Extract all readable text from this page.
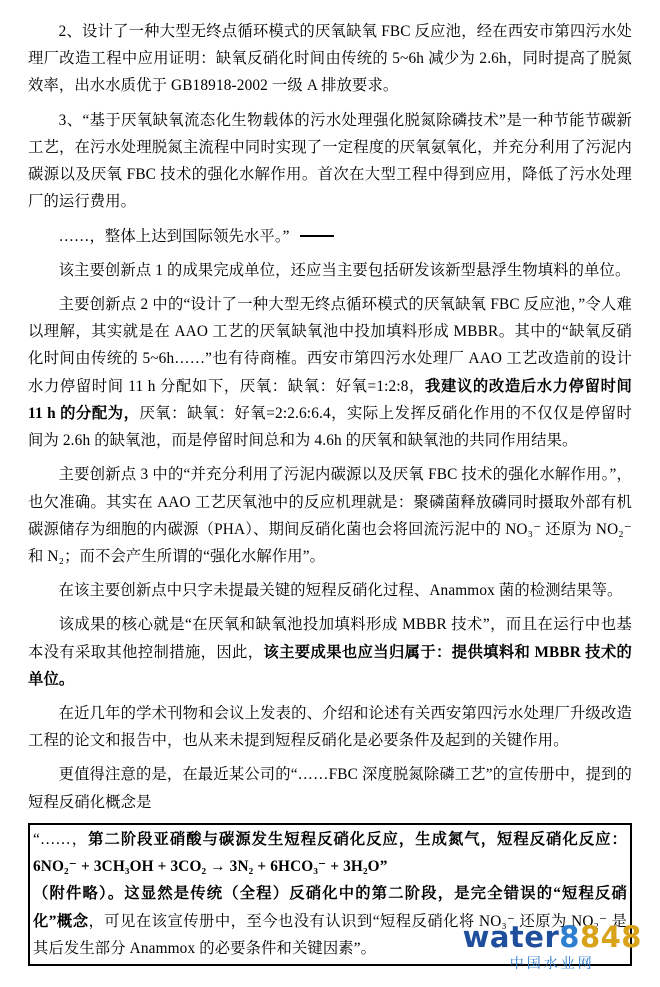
2、设计了一种大型无终点循环模式的厌氧缺氧 FBC 反应池，经在西安市第四污水处理厂改造工程中应用证明：缺氧反硝化时间由传统的 5~6h 减少为 2.6h，同时提高了脱氮效率，出水水质优于 GB18918-2002 一级 A 排放要求。

3、“基于厌氧缺氧流态化生物载体的污水处理强化脱氮除磷技术”是一种节能节碳新工艺，在污水处理脱氮主流程中同时实现了一定程度的厌氧氨氧化，并充分利用了污泥内碳源以及厌氧 FBC 技术的强化水解作用。首次在大型工程中得到应用，降低了污水处理厂的运行费用。

……，整体上达到国际领先水平。”

该主要创新点 1 的成果完成单位，还应当主要包括研发该新型悬浮生物填料的单位。

主要创新点 2 中的“设计了一种大型无终点循环模式的厌氧缺氧 FBC 反应池，”令人难以理解，其实就是在 AAO 工艺的厌氧缺氧池中投加填料形成 MBBR。其中的“缺氧反硝化时间由传统的 5~6h……”也有待商榷。西安市第四污水处理厂 AAO 工艺改造前的设计水力停留时间 11 h 分配如下，厌氧：缺氧：好氧=1:2:8，我建议的改造后水力停留时间 11 h 的分配为，厌氧：缺氧：好氧=2:2.6:6.4，实际上发挥反硝化作用的不仅仅是停留时间为 2.6h 的缺氧池，而是停留时间总和为 4.6h 的厌氧和缺氧池的共同作用结果。

主要创新点 3 中的“并充分利用了污泥内碳源以及厌氧 FBC 技术的强化水解作用。”，也欠准确。其实在 AAO 工艺厌氧池中的反应机理就是：聚磷菌释放磷同时摄取外部有机碳源储存为细胞的内碳源（PHA）、期间反硝化菌也会将回流污泥中的 NO₃⁻ 还原为 NO₂⁻ 和 N₂；而不会产生所谓的“强化水解作用”。

在该主要创新点中只字未提最关键的短程反硝化过程、Anammox 菌的检测结果等。

该成果的核心就是“在厌氧和缺氧池投加填料形成 MBBR 技术”，而且在运行中也基本没有采取其他控制措施，因此，该主要成果也应当归属于：提供填料和 MBBR 技术的单位。

在近几年的学术刊物和会议上发表的、介绍和论述有关西安第四污水处理厂升级改造工程的论文和报告中，也从来未提到短程反硝化是必要条件及起到的关键作用。

更值得注意的是，在最近某公司的“……FBC 深度脱氮除磷工艺”的宣传册中，提到的短程反硝化概念是

“……，第二阶段亚硝酸与碳源发生短程反硝化反应，生成氮气，短程反硝化反应：6NO₂⁻ + 3CH₃OH + 3CO₂ → 3N₂ + 6HCO₃⁻ + 3H₂O”

（附件略）。这显然是传统（全程）反硝化中的第二阶段，是完全错误的“短程反硝化”概念，可见在该宣传册中，至今也没有认识到“短程反硝化将 NO₃⁻ 还原为 NO₂⁻ 是其后发生部分 Anammox 的必要条件和关键因素”。	water8848
中国水业网
